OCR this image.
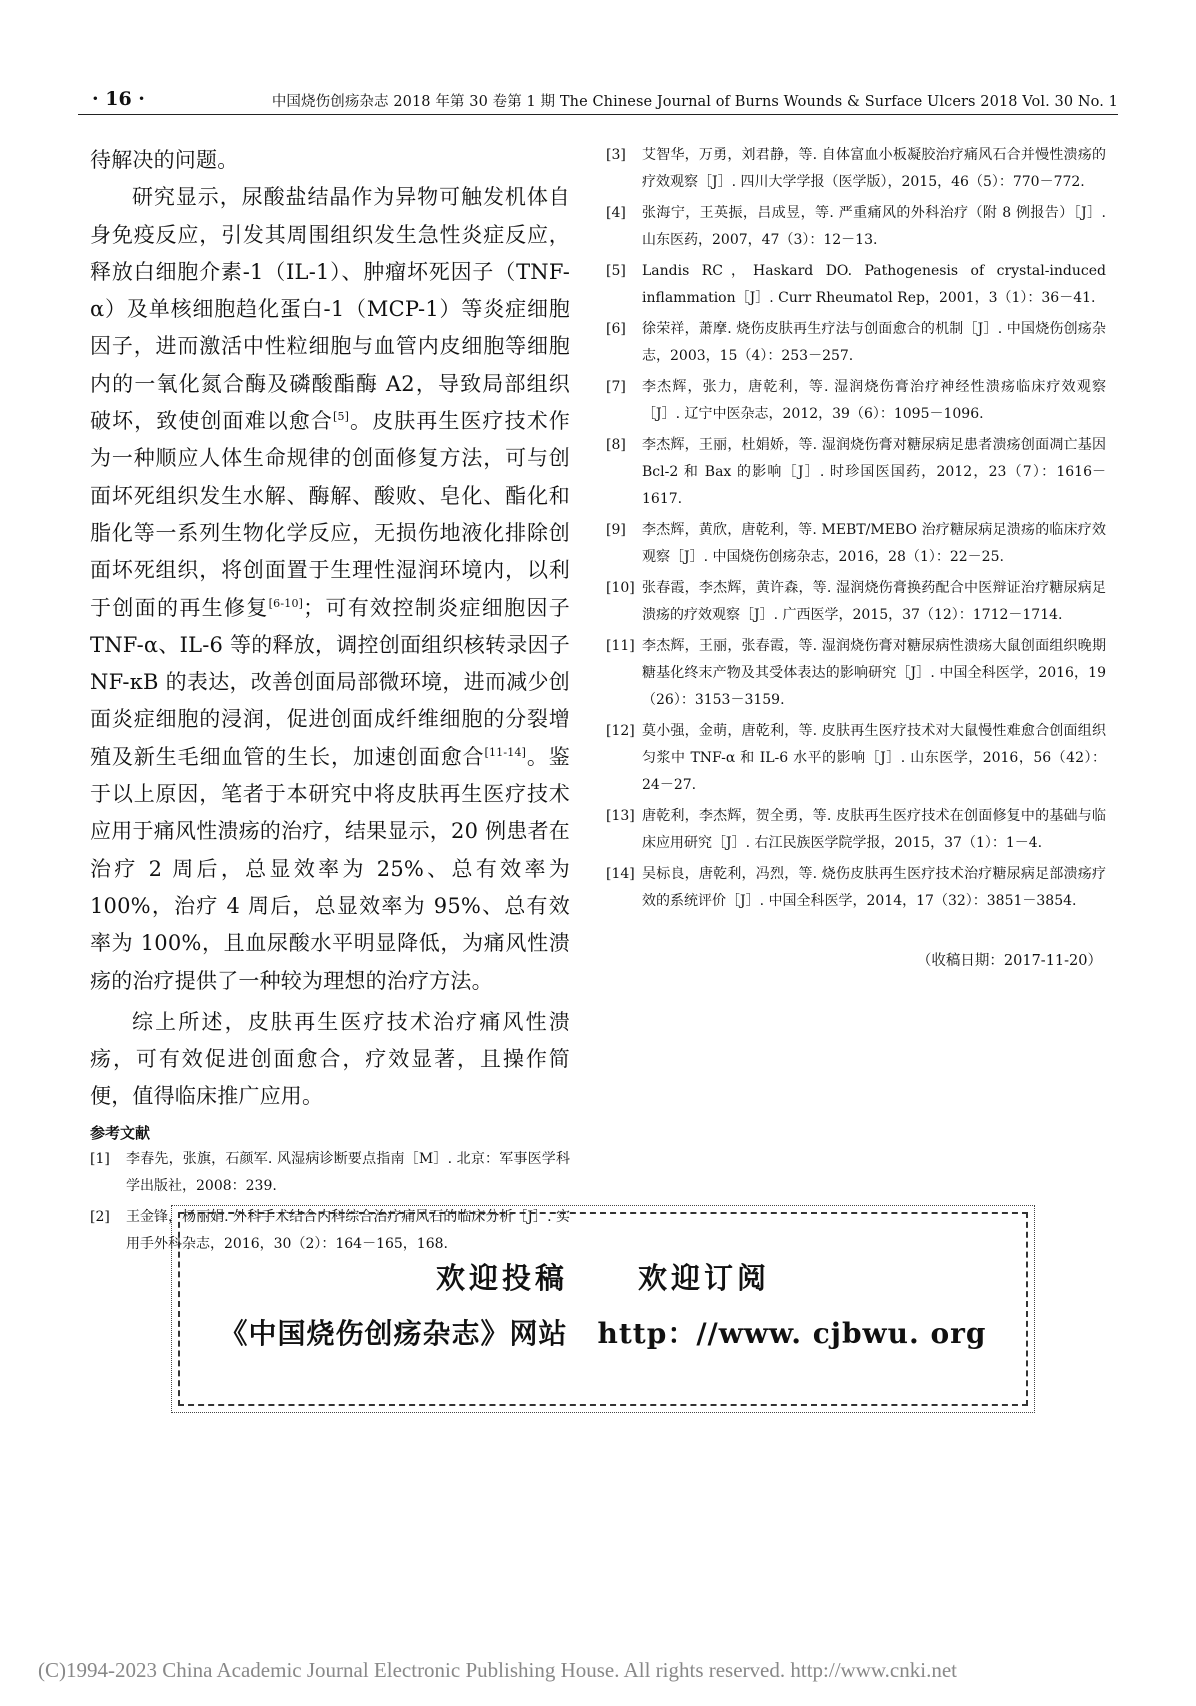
· 16 ·	中国烧伤创疡杂志 2018 年第 30 卷第 1 期 The Chinese Journal of Burns Wounds & Surface Ulcers 2018 Vol. 30 No. 1

待解决的问题。

研究显示，尿酸盐结晶作为异物可触发机体自身免疫反应，引发其周围组织发生急性炎症反应，释放白细胞介素-1（IL-1）、肿瘤坏死因子（TNF-α）及单核细胞趋化蛋白-1（MCP-1）等炎症细胞因子，进而激活中性粒细胞与血管内皮细胞等细胞内的一氧化氮合酶及磷酸酯酶 A2，导致局部组织破坏，致使创面难以愈合[5]。皮肤再生医疗技术作为一种顺应人体生命规律的创面修复方法，可与创面坏死组织发生水解、酶解、酸败、皂化、酯化和脂化等一系列生物化学反应，无损伤地液化排除创面坏死组织，将创面置于生理性湿润环境内，以利于创面的再生修复[6-10]；可有效控制炎症细胞因子 TNF-α、IL-6 等的释放，调控创面组织核转录因子 NF-κB 的表达，改善创面局部微环境，进而减少创面炎症细胞的浸润，促进创面成纤维细胞的分裂增殖及新生毛细血管的生长，加速创面愈合[11-14]。鉴于以上原因，笔者于本研究中将皮肤再生医疗技术应用于痛风性溃疡的治疗，结果显示，20 例患者在治疗 2 周后，总显效率为 25%、总有效率为 100%，治疗 4 周后，总显效率为 95%、总有效率为 100%，且血尿酸水平明显降低，为痛风性溃疡的治疗提供了一种较为理想的治疗方法。

综上所述，皮肤再生医疗技术治疗痛风性溃疡，可有效促进创面愈合，疗效显著，且操作简便，值得临床推广应用。

参考文献
[1] 李春先，张旗，石颜军. 风湿病诊断要点指南［M］. 北京：军事医学科学出版社，2008：239.
[2] 王金锋，杨丽娟. 外科手术结合内科综合治疗痛风石的临床分析［J］. 实用手外科杂志，2016，30（2）：164－165，168.
[3] 艾智华，万勇，刘君静，等. 自体富血小板凝胶治疗痛风石合并慢性溃疡的疗效观察［J］. 四川大学学报（医学版），2015，46（5）：770－772.
[4] 张海宁，王英振，吕成昱，等. 严重痛风的外科治疗（附 8 例报告）［J］. 山东医药，2007，47（3）：12－13.
[5] Landis RC，Haskard DO. Pathogenesis of crystal-induced inflammation［J］. Curr Rheumatol Rep，2001，3（1）：36－41.
[6] 徐荣祥，萧摩. 烧伤皮肤再生疗法与创面愈合的机制［J］. 中国烧伤创疡杂志，2003，15（4）：253－257.
[7] 李杰辉，张力，唐乾利，等. 湿润烧伤膏治疗神经性溃疡临床疗效观察［J］. 辽宁中医杂志，2012，39（6）：1095－1096.
[8] 李杰辉，王丽，杜娟娇，等. 湿润烧伤膏对糖尿病足患者溃疡创面凋亡基因 Bcl-2 和 Bax 的影响［J］. 时珍国医国药，2012，23（7）：1616－1617.
[9] 李杰辉，黄欣，唐乾利，等. MEBT/MEBO 治疗糖尿病足溃疡的临床疗效观察［J］. 中国烧伤创疡杂志，2016，28（1）：22－25.
[10] 张春霞，李杰辉，黄许森，等. 湿润烧伤膏换药配合中医辩证治疗糖尿病足溃疡的疗效观察［J］. 广西医学，2015，37（12）：1712－1714.
[11] 李杰辉，王丽，张春霞，等. 湿润烧伤膏对糖尿病性溃疡大鼠创面组织晚期糖基化终末产物及其受体表达的影响研究［J］. 中国全科医学，2016，19（26）：3153－3159.
[12] 莫小强，金萌，唐乾利，等. 皮肤再生医疗技术对大鼠慢性难愈合创面组织匀浆中 TNF-α 和 IL-6 水平的影响［J］. 山东医学，2016，56（42）：24－27.
[13] 唐乾利，李杰辉，贺全勇，等. 皮肤再生医疗技术在创面修复中的基础与临床应用研究［J］. 右江民族医学院学报，2015，37（1）：1－4.
[14] 吴标良，唐乾利，冯烈，等. 烧伤皮肤再生医疗技术治疗糖尿病足部溃疡疗效的系统评价［J］. 中国全科医学，2014，17（32）：3851－3854.
（收稿日期：2017-11-20）
欢迎投稿 欢迎订阅
《中国烧伤创疡杂志》网站 http：//www. cjbwu. org
(C)1994-2023 China Academic Journal Electronic Publishing House. All rights reserved. http://www.cnki.net
